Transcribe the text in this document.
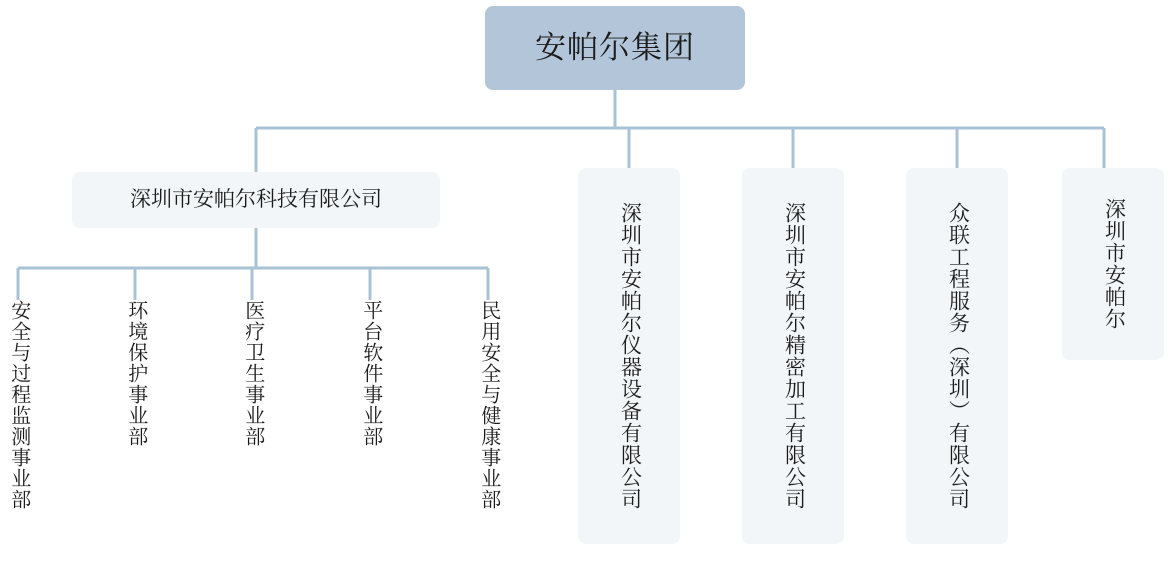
安帕尔集团
深圳市安帕尔科技有限公司
深圳市安帕尔仪器设备有限公司	深圳市安帕尔精密加工有限公司	众联工程服务（深圳）有限公司	深圳市安帕尔
安全与过程监测事业部	环境保护事业部	医疗卫生事业部	平台软件事业部	民用安全与健康事业部
